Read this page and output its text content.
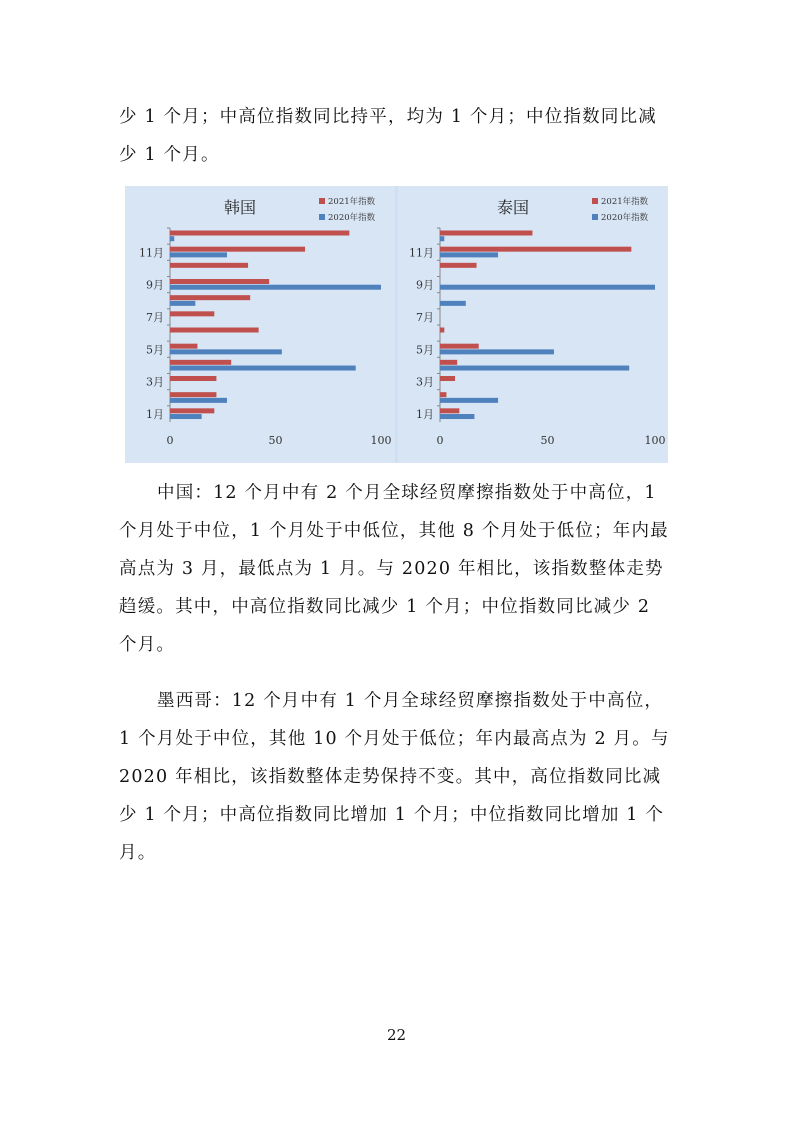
少 1 个月；中高位指数同比持平，均为 1 个月；中位指数同比减少 1 个月。

韩国	2021年指数
2020年指数
1月
3月
5月
7月
9月
11月
0	50	100
泰国	2021年指数
2020年指数
1月
3月
5月
7月
9月
11月
0	50	100

中国：12 个月中有 2 个月全球经贸摩擦指数处于中高位，1 个月处于中位，1 个月处于中低位，其他 8 个月处于低位；年内最高点为 3 月，最低点为 1 月。与 2020 年相比，该指数整体走势趋缓。其中，中高位指数同比减少 1 个月；中位指数同比减少 2 个月。

墨西哥：12 个月中有 1 个月全球经贸摩擦指数处于中高位，1 个月处于中位，其他 10 个月处于低位；年内最高点为 2 月。与 2020 年相比，该指数整体走势保持不变。其中，高位指数同比减少 1 个月；中高位指数同比增加 1 个月；中位指数同比增加 1 个月。

22
